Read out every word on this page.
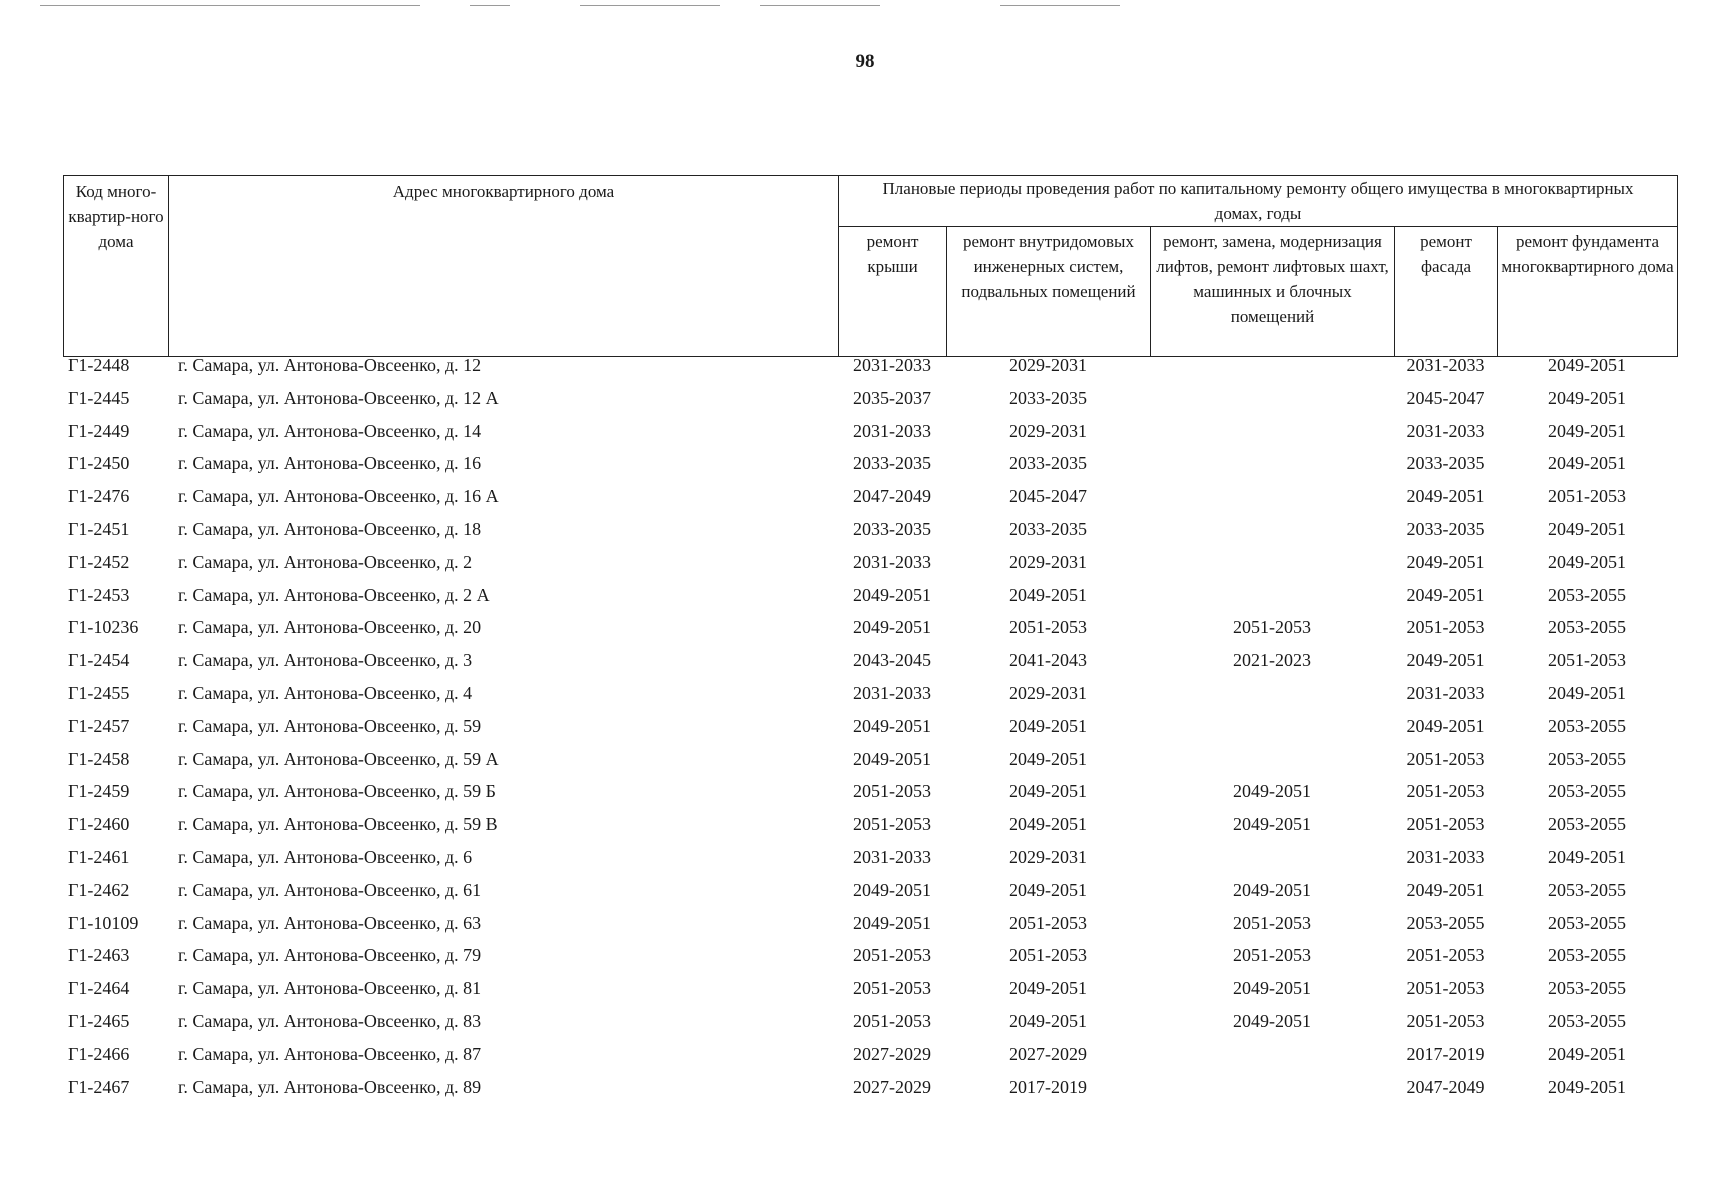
98
Код много-квартир-ного дома	Адрес многоквартирного дома	Плановые периоды проведения работ по капитальному ремонту общего имущества в многоквартирных домах, годы				
		ремонт крыши	ремонт внутридомовых инженерных систем, подвальных помещений	ремонт, замена, модернизация лифтов, ремонт лифтовых шахт, машинных и блочных помещений	ремонт фасада	ремонт фундамента многоквартирного дома
Г1-2448	г. Самара, ул. Антонова-Овсеенко, д. 12	2031-2033	2029-2031		2031-2033	2049-2051
Г1-2445	г. Самара, ул. Антонова-Овсеенко, д. 12 А	2035-2037	2033-2035		2045-2047	2049-2051
Г1-2449	г. Самара, ул. Антонова-Овсеенко, д. 14	2031-2033	2029-2031		2031-2033	2049-2051
Г1-2450	г. Самара, ул. Антонова-Овсеенко, д. 16	2033-2035	2033-2035		2033-2035	2049-2051
Г1-2476	г. Самара, ул. Антонова-Овсеенко, д. 16 А	2047-2049	2045-2047		2049-2051	2051-2053
Г1-2451	г. Самара, ул. Антонова-Овсеенко, д. 18	2033-2035	2033-2035		2033-2035	2049-2051
Г1-2452	г. Самара, ул. Антонова-Овсеенко, д. 2	2031-2033	2029-2031		2049-2051	2049-2051
Г1-2453	г. Самара, ул. Антонова-Овсеенко, д. 2 А	2049-2051	2049-2051		2049-2051	2053-2055
Г1-10236	г. Самара, ул. Антонова-Овсеенко, д. 20	2049-2051	2051-2053	2051-2053	2051-2053	2053-2055
Г1-2454	г. Самара, ул. Антонова-Овсеенко, д. 3	2043-2045	2041-2043	2021-2023	2049-2051	2051-2053
Г1-2455	г. Самара, ул. Антонова-Овсеенко, д. 4	2031-2033	2029-2031		2031-2033	2049-2051
Г1-2457	г. Самара, ул. Антонова-Овсеенко, д. 59	2049-2051	2049-2051		2049-2051	2053-2055
Г1-2458	г. Самара, ул. Антонова-Овсеенко, д. 59 А	2049-2051	2049-2051		2051-2053	2053-2055
Г1-2459	г. Самара, ул. Антонова-Овсеенко, д. 59 Б	2051-2053	2049-2051	2049-2051	2051-2053	2053-2055
Г1-2460	г. Самара, ул. Антонова-Овсеенко, д. 59 В	2051-2053	2049-2051	2049-2051	2051-2053	2053-2055
Г1-2461	г. Самара, ул. Антонова-Овсеенко, д. 6	2031-2033	2029-2031		2031-2033	2049-2051
Г1-2462	г. Самара, ул. Антонова-Овсеенко, д. 61	2049-2051	2049-2051	2049-2051	2049-2051	2053-2055
Г1-10109	г. Самара, ул. Антонова-Овсеенко, д. 63	2049-2051	2051-2053	2051-2053	2053-2055	2053-2055
Г1-2463	г. Самара, ул. Антонова-Овсеенко, д. 79	2051-2053	2051-2053	2051-2053	2051-2053	2053-2055
Г1-2464	г. Самара, ул. Антонова-Овсеенко, д. 81	2051-2053	2049-2051	2049-2051	2051-2053	2053-2055
Г1-2465	г. Самара, ул. Антонова-Овсеенко, д. 83	2051-2053	2049-2051	2049-2051	2051-2053	2053-2055
Г1-2466	г. Самара, ул. Антонова-Овсеенко, д. 87	2027-2029	2027-2029		2017-2019	2049-2051
Г1-2467	г. Самара, ул. Антонова-Овсеенко, д. 89	2027-2029	2017-2019		2047-2049	2049-2051
